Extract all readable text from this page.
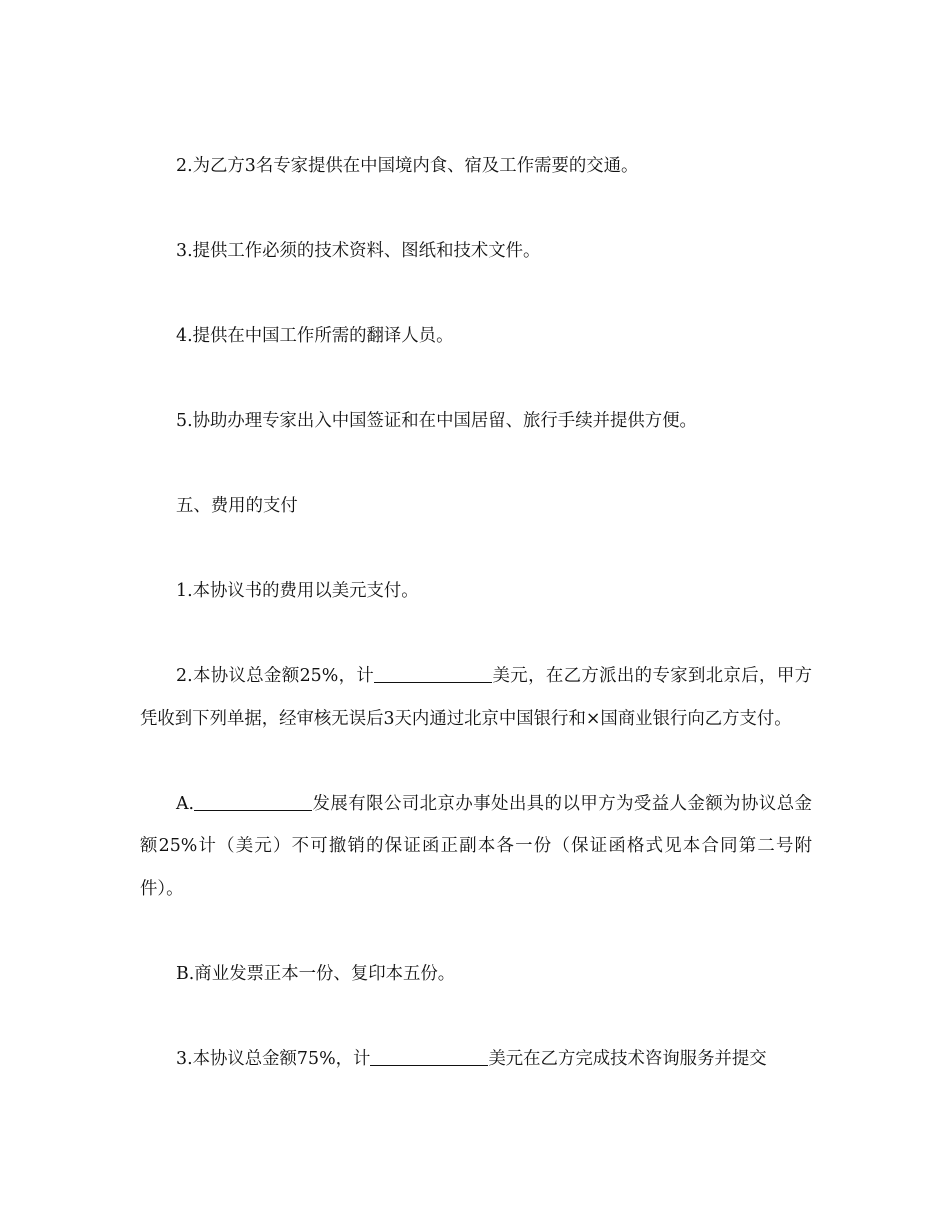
2.为乙方3名专家提供在中国境内食、宿及工作需要的交通。

3.提供工作必须的技术资料、图纸和技术文件。

4.提供在中国工作所需的翻译人员。

5.协助办理专家出入中国签证和在中国居留、旅行手续并提供方便。

五、费用的支付

1.本协议书的费用以美元支付。

2.本协议总金额25%，计	美元，在乙方派出的专家到北京后，甲方凭收到下列单据，经审核无误后3天内通过北京中国银行和×国商业银行向乙方支付。

A.	发展有限公司北京办事处出具的以甲方为受益人金额为协议总金额25%计（美元）不可撤销的保证函正副本各一份（保证函格式见本合同第二号附件）。

B.商业发票正本一份、复印本五份。

3.本协议总金额75%，计	美元在乙方完成技术咨询服务并提交
